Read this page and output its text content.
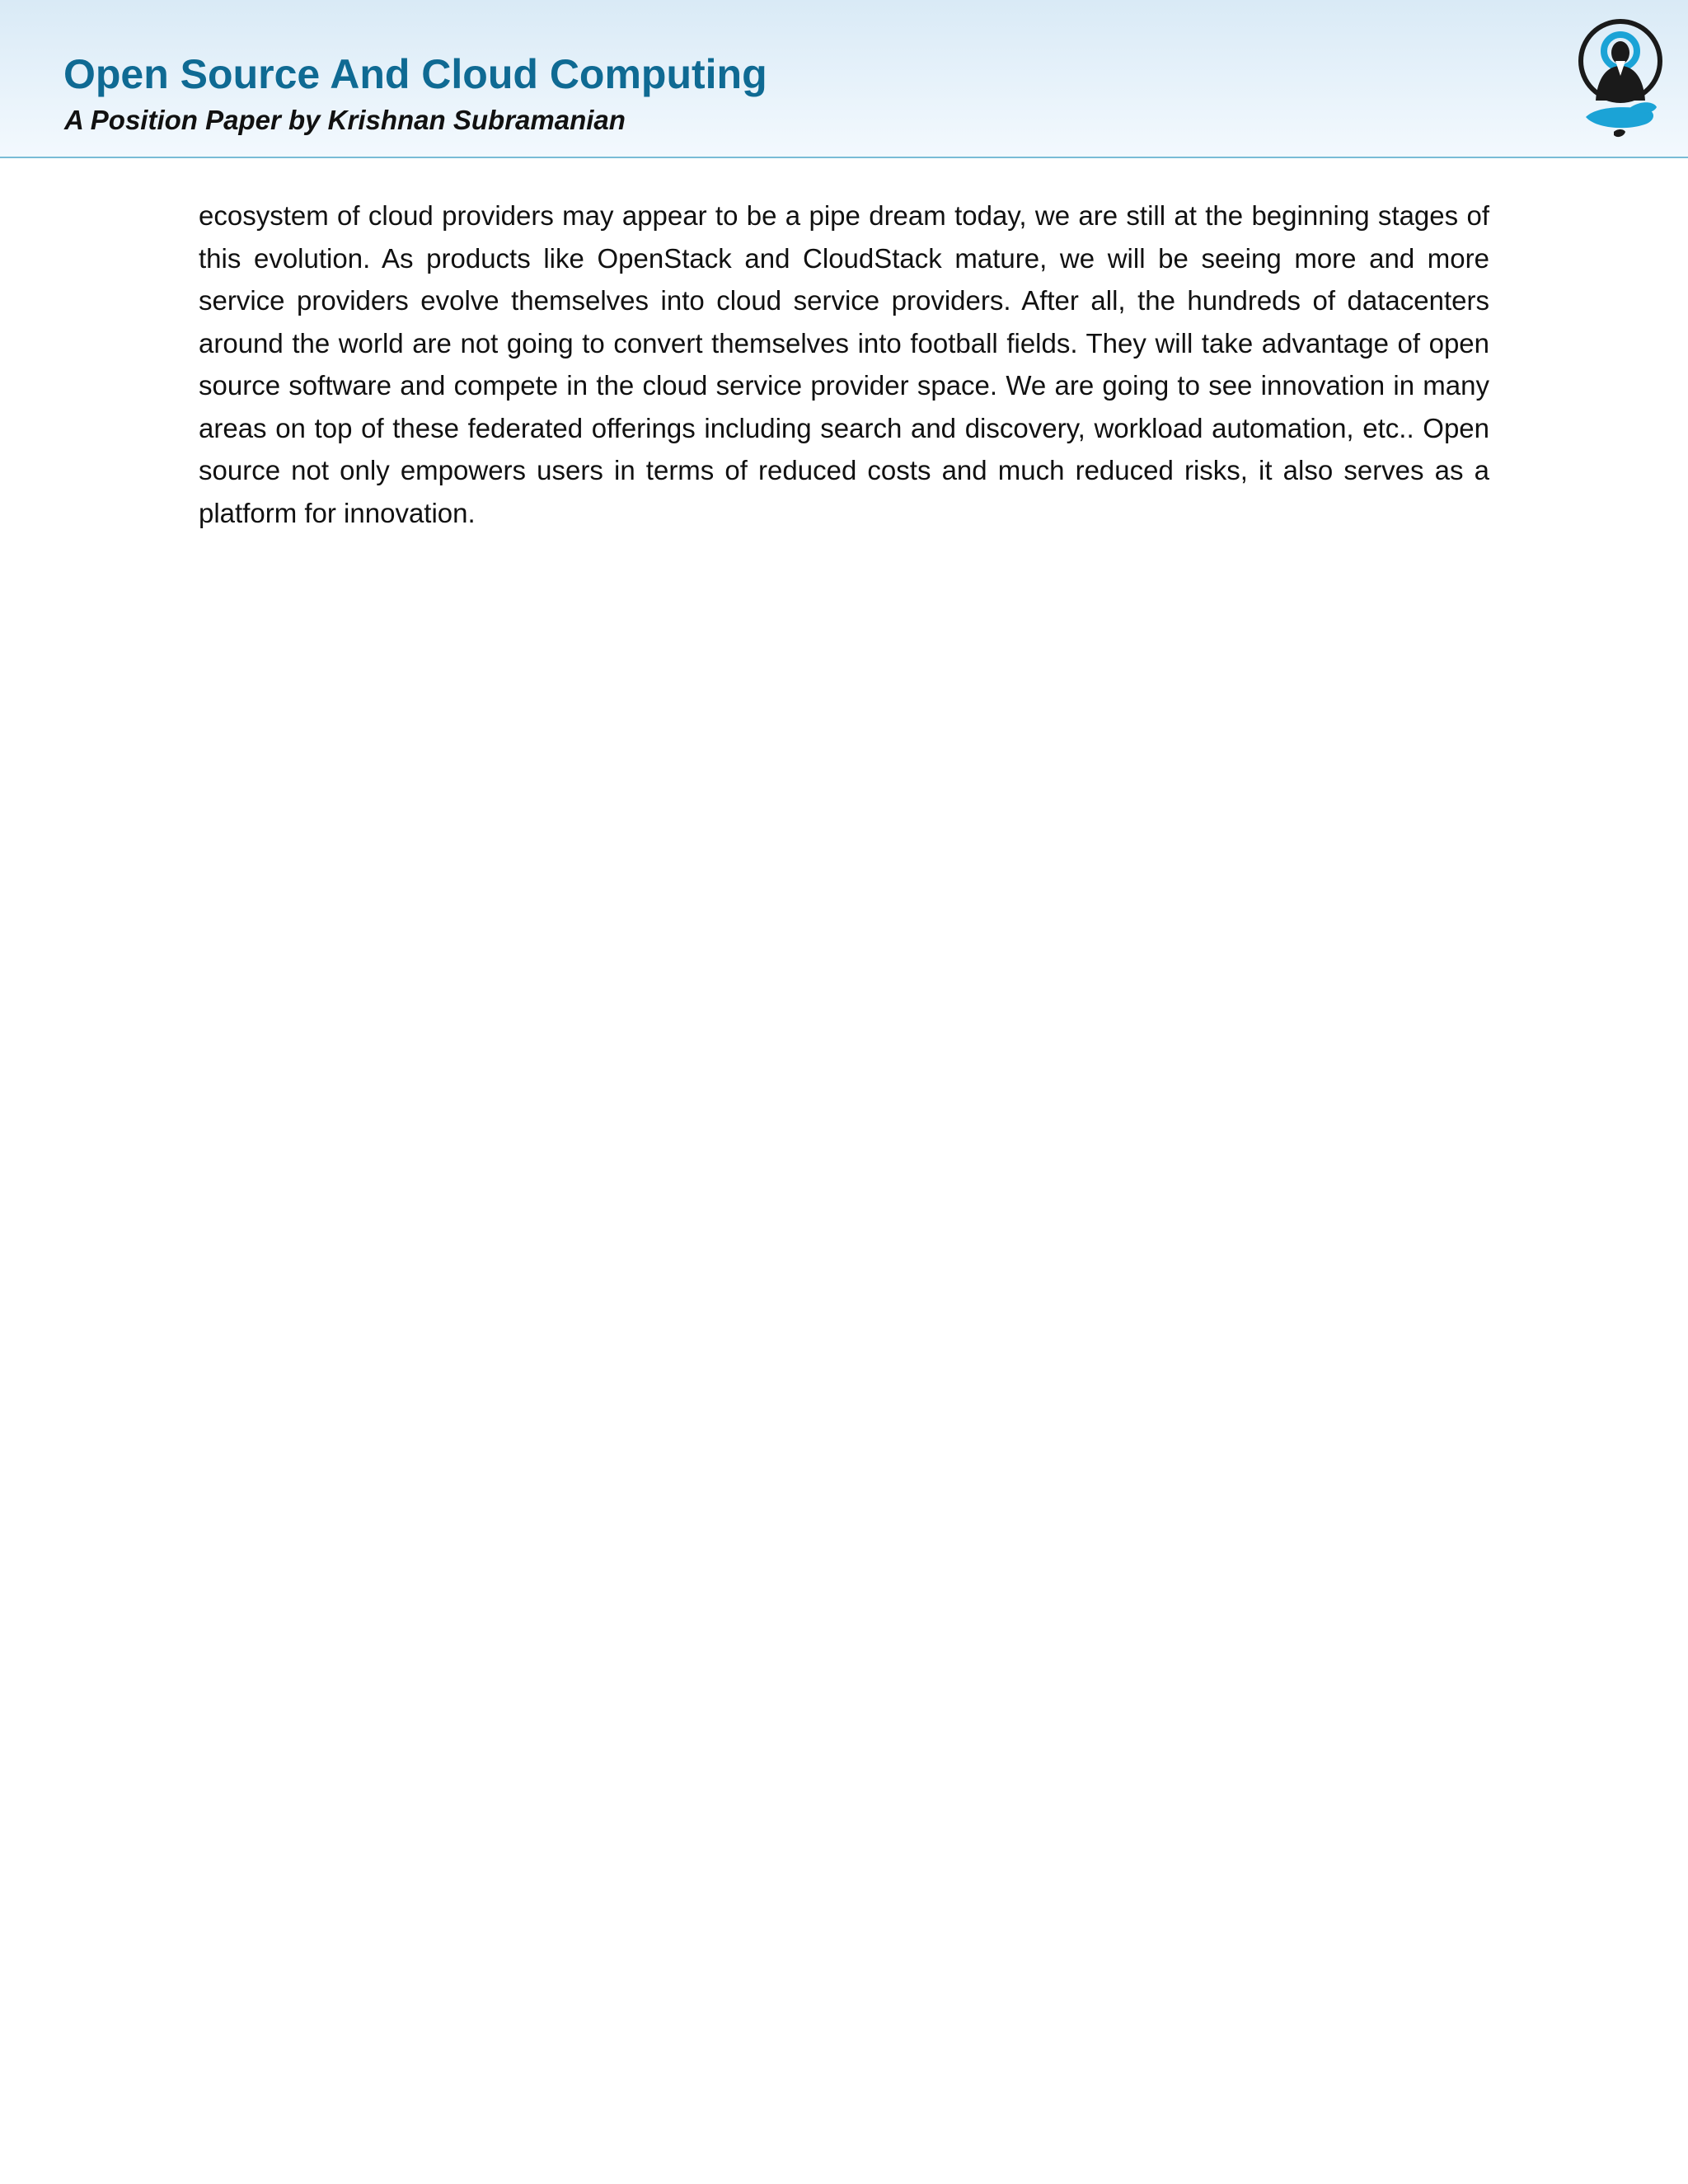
Open Source And Cloud Computing
A Position Paper by Krishnan Subramanian

ecosystem of cloud providers may appear to be a pipe dream today, we are still at the beginning stages of this evolution. As products like OpenStack and CloudStack mature, we will be seeing more and more service providers evolve themselves into cloud service providers. After all, the hundreds of datacenters around the world are not going to convert themselves into football fields. They will take advantage of open source software and compete in the cloud service provider space. We are going to see innovation in many areas on top of these federated offerings including search and discovery, workload automation, etc.. Open source not only empowers users in terms of reduced costs and much reduced risks, it also serves as a platform for innovation.
